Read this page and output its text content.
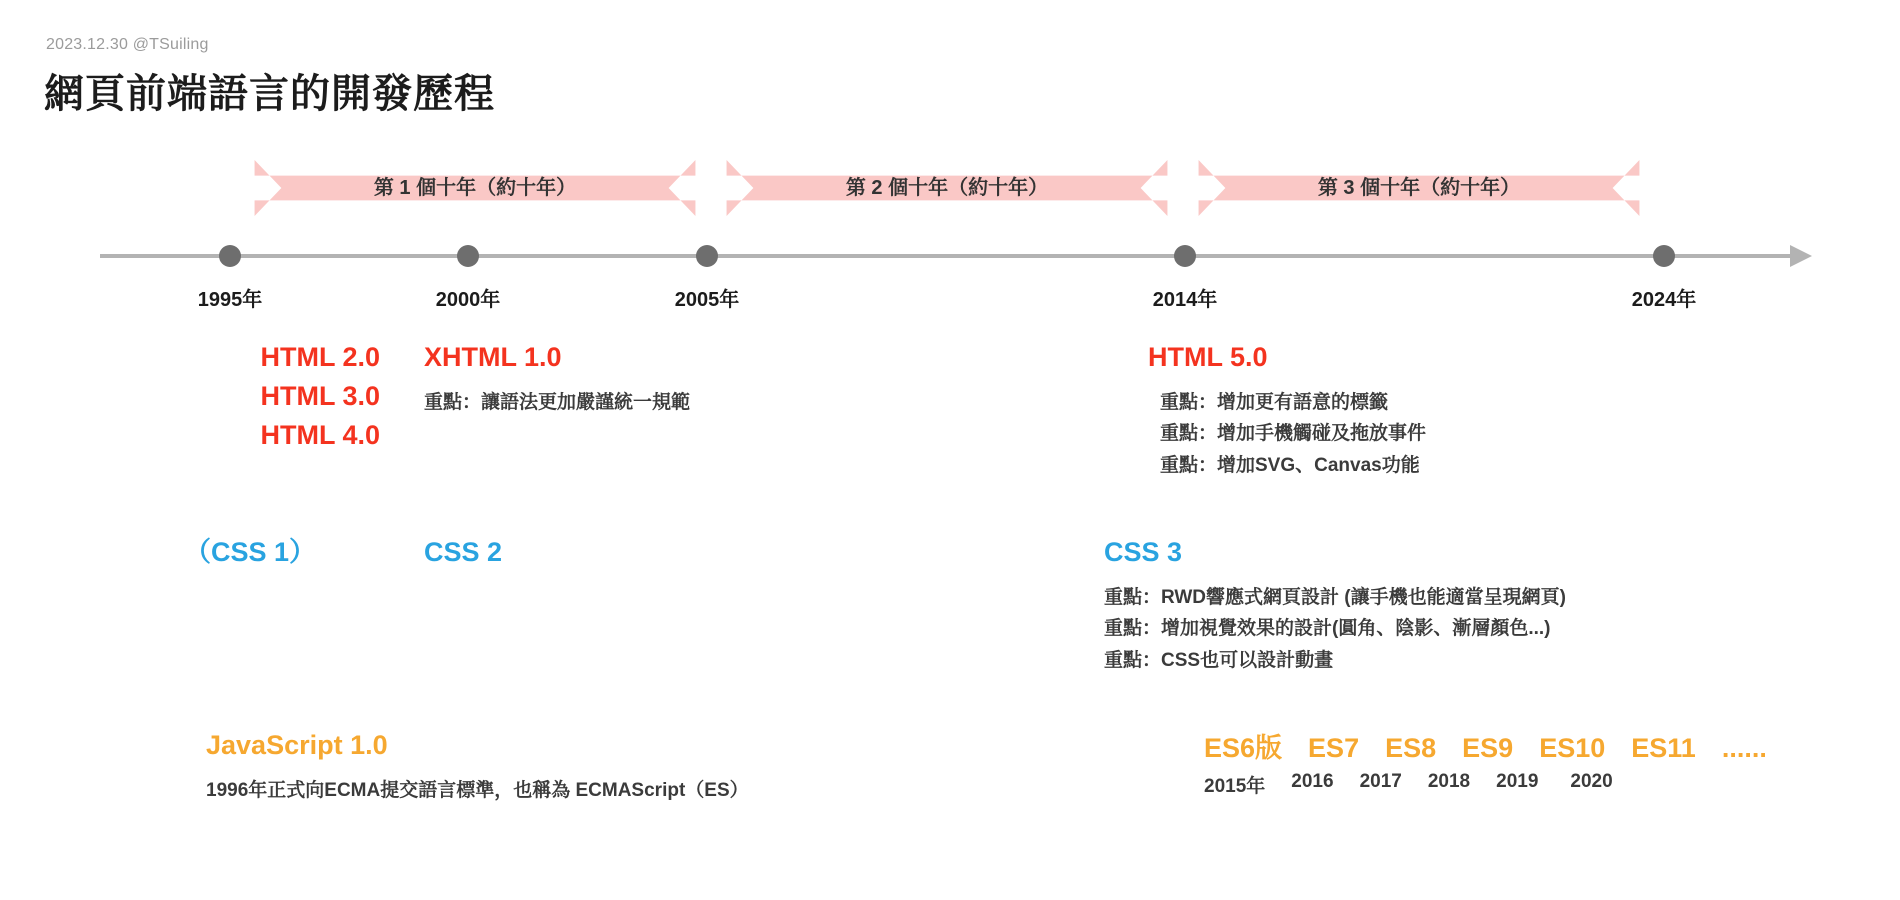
2023.12.30 @TSuiling
網頁前端語言的開發歷程
第 1 個十年（約十年）	第 2 個十年（約十年）	第 3 個十年（約十年）
1995年	2000年	2005年	2014年	2024年
HTML 2.0
HTML 3.0
HTML 4.0
XHTML 1.0
重點：讓語法更加嚴謹統一規範
HTML 5.0
重點：增加更有語意的標籤
重點：增加手機觸碰及拖放事件
重點：增加SVG、Canvas功能
（CSS 1）	CSS 2	CSS 3
重點：RWD響應式網頁設計 (讓手機也能適當呈現網頁)
重點：增加視覺效果的設計(圓角、陰影、漸層顏色...)
重點：CSS也可以設計動畫
JavaScript 1.0
1996年正式向ECMA提交語言標準，也稱為 ECMAScript（ES）
ES6版 ES7 ES8 ES9 ES10 ES11 ......
2015年 2016 2017 2018 2019 2020
